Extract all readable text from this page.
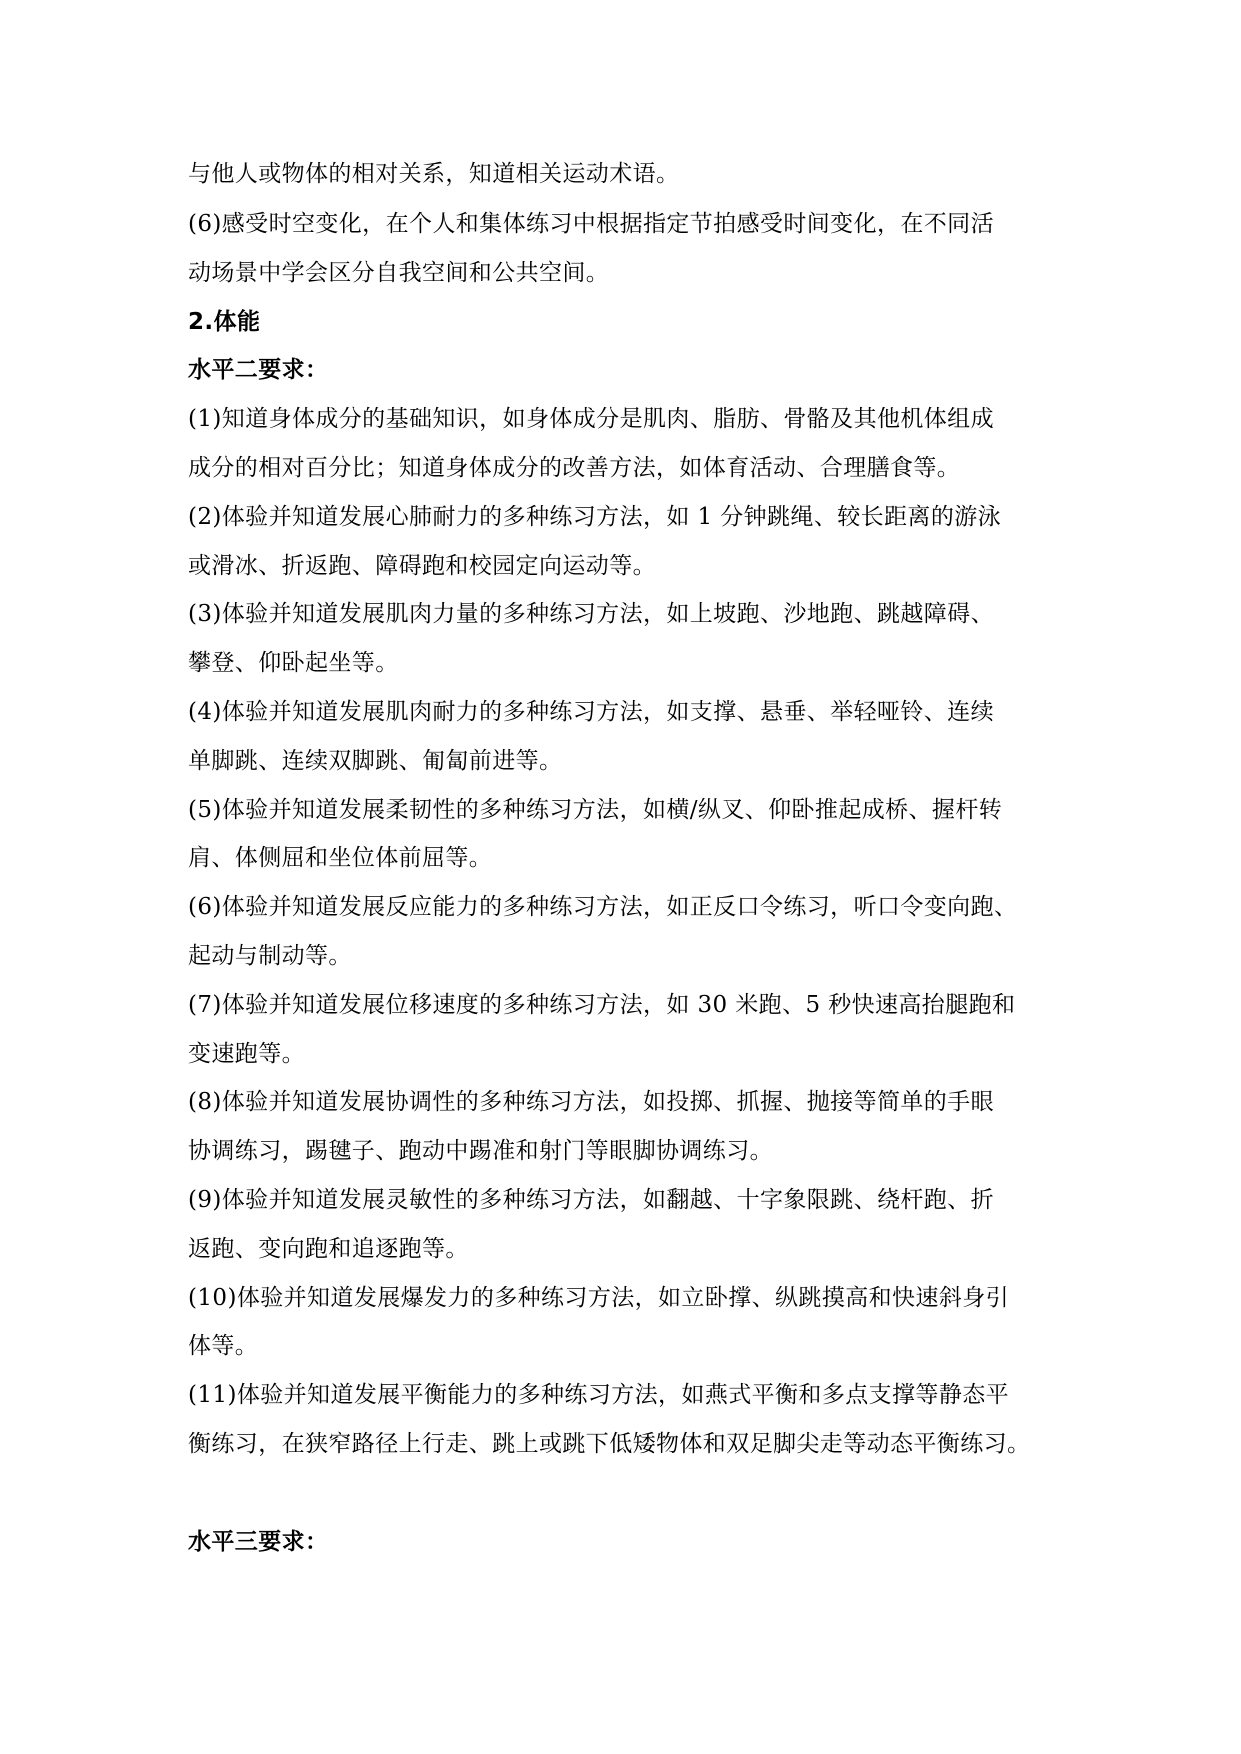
与他人或物体的相对关系，知道相关运动术语。
(6)感受时空变化，在个人和集体练习中根据指定节拍感受时间变化，在不同活
动场景中学会区分自我空间和公共空间。
2.体能
水平二要求：
(1)知道身体成分的基础知识，如身体成分是肌肉、脂肪、骨骼及其他机体组成
成分的相对百分比；知道身体成分的改善方法，如体育活动、合理膳食等。
(2)体验并知道发展心肺耐力的多种练习方法，如 1 分钟跳绳、较长距离的游泳
或滑冰、折返跑、障碍跑和校园定向运动等。
(3)体验并知道发展肌肉力量的多种练习方法，如上坡跑、沙地跑、跳越障碍、
攀登、仰卧起坐等。
(4)体验并知道发展肌肉耐力的多种练习方法，如支撑、悬垂、举轻哑铃、连续
单脚跳、连续双脚跳、匍匐前进等。
(5)体验并知道发展柔韧性的多种练习方法，如横/纵叉、仰卧推起成桥、握杆转
肩、体侧屈和坐位体前屈等。
(6)体验并知道发展反应能力的多种练习方法，如正反口令练习，听口令变向跑、
起动与制动等。
(7)体验并知道发展位移速度的多种练习方法，如 30 米跑、5 秒快速高抬腿跑和
变速跑等。
(8)体验并知道发展协调性的多种练习方法，如投掷、抓握、抛接等简单的手眼
协调练习，踢毽子、跑动中踢准和射门等眼脚协调练习。
(9)体验并知道发展灵敏性的多种练习方法，如翻越、十字象限跳、绕杆跑、折
返跑、变向跑和追逐跑等。
(10)体验并知道发展爆发力的多种练习方法，如立卧撑、纵跳摸高和快速斜身引
体等。
(11)体验并知道发展平衡能力的多种练习方法，如燕式平衡和多点支撑等静态平
衡练习，在狭窄路径上行走、跳上或跳下低矮物体和双足脚尖走等动态平衡练习。
水平三要求：
